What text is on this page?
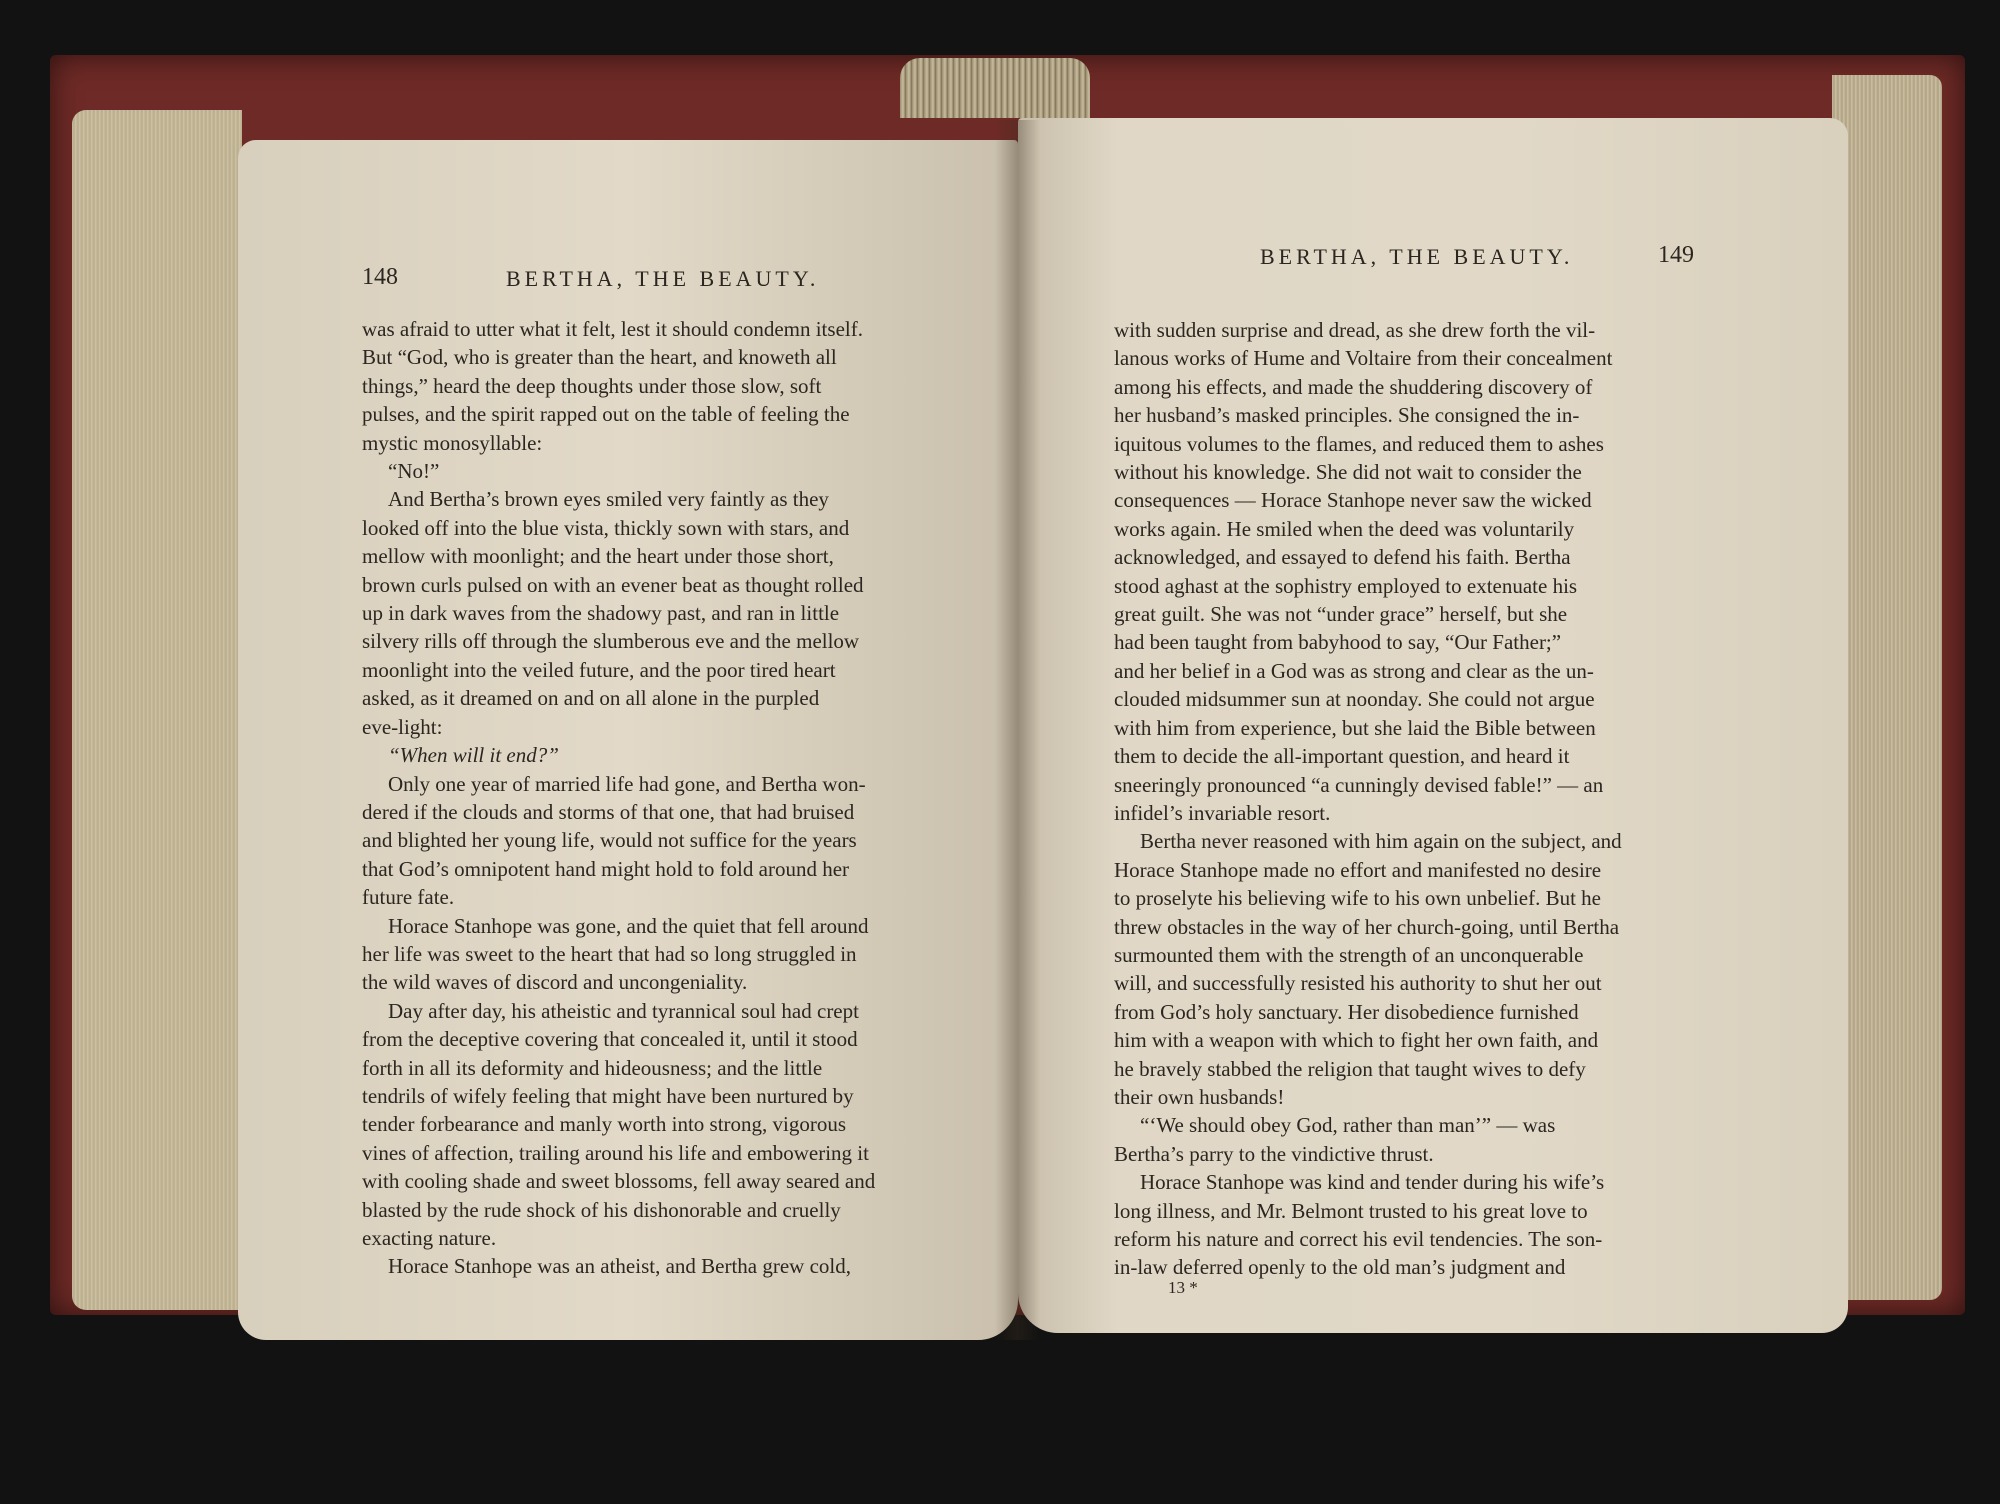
148	BERTHA, THE BEAUTY.

was afraid to utter what it felt, lest it should condemn itself.

But “God, who is greater than the heart, and knoweth all

things,” heard the deep thoughts under those slow, soft

pulses, and the spirit rapped out on the table of feeling the

mystic monosyllable:

“No!”

And Bertha’s brown eyes smiled very faintly as they

looked off into the blue vista, thickly sown with stars, and

mellow with moonlight; and the heart under those short,

brown curls pulsed on with an evener beat as thought rolled

up in dark waves from the shadowy past, and ran in little

silvery rills off through the slumberous eve and the mellow

moonlight into the veiled future, and the poor tired heart

asked, as it dreamed on and on all alone in the purpled

eve-light:

“When will it end?”

Only one year of married life had gone, and Bertha won-

dered if the clouds and storms of that one, that had bruised

and blighted her young life, would not suffice for the years

that God’s omnipotent hand might hold to fold around her

future fate.

Horace Stanhope was gone, and the quiet that fell around

her life was sweet to the heart that had so long struggled in

the wild waves of discord and uncongeniality.

Day after day, his atheistic and tyrannical soul had crept

from the deceptive covering that concealed it, until it stood

forth in all its deformity and hideousness; and the little

tendrils of wifely feeling that might have been nurtured by

tender forbearance and manly worth into strong, vigorous

vines of affection, trailing around his life and embowering it

with cooling shade and sweet blossoms, fell away seared and

blasted by the rude shock of his dishonorable and cruelly

exacting nature.

Horace Stanhope was an atheist, and Bertha grew cold,

BERTHA, THE BEAUTY.	149

with sudden surprise and dread, as she drew forth the vil-

lanous works of Hume and Voltaire from their concealment

among his effects, and made the shuddering discovery of

her husband’s masked principles. She consigned the in-

iquitous volumes to the flames, and reduced them to ashes

without his knowledge. She did not wait to consider the

consequences — Horace Stanhope never saw the wicked

works again. He smiled when the deed was voluntarily

acknowledged, and essayed to defend his faith. Bertha

stood aghast at the sophistry employed to extenuate his

great guilt. She was not “under grace” herself, but she

had been taught from babyhood to say, “Our Father;”

and her belief in a God was as strong and clear as the un-

clouded midsummer sun at noonday. She could not argue

with him from experience, but she laid the Bible between

them to decide the all-important question, and heard it

sneeringly pronounced “a cunningly devised fable!” — an

infidel’s invariable resort.

Bertha never reasoned with him again on the subject, and

Horace Stanhope made no effort and manifested no desire

to proselyte his believing wife to his own unbelief. But he

threw obstacles in the way of her church-going, until Bertha

surmounted them with the strength of an unconquerable

will, and successfully resisted his authority to shut her out

from God’s holy sanctuary. Her disobedience furnished

him with a weapon with which to fight her own faith, and

he bravely stabbed the religion that taught wives to defy

their own husbands!

“‘We should obey God, rather than man’” — was

Bertha’s parry to the vindictive thrust.

Horace Stanhope was kind and tender during his wife’s

long illness, and Mr. Belmont trusted to his great love to

reform his nature and correct his evil tendencies. The son-

in-law deferred openly to the old man’s judgment and

13 *
